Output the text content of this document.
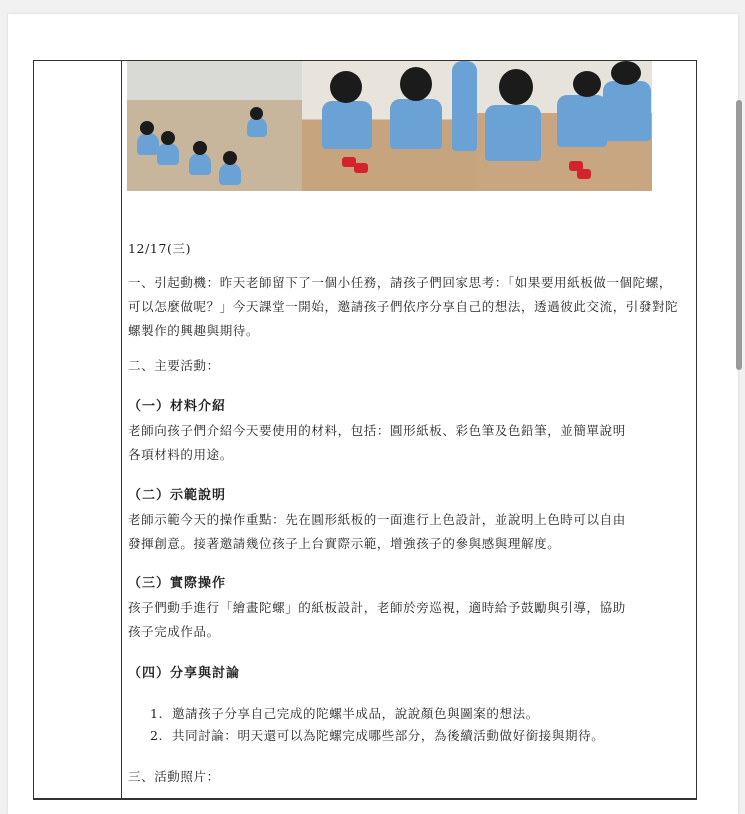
12/17(三)
一、引起動機：昨天老師留下了一個小任務，請孩子們回家思考：「如果要用紙板做一個陀螺，
可以怎麼做呢？」今天課堂一開始，邀請孩子們依序分享自己的想法，透過彼此交流，引發對陀
螺製作的興趣與期待。
二、主要活動：
（一）材料介紹
老師向孩子們介紹今天要使用的材料，包括：圓形紙板、彩色筆及色鉛筆，並簡單說明
各項材料的用途。
（二）示範說明
老師示範今天的操作重點：先在圓形紙板的一面進行上色設計，並說明上色時可以自由
發揮創意。接著邀請幾位孩子上台實際示範，增強孩子的參與感與理解度。
（三）實際操作
孩子們動手進行「繪畫陀螺」的紙板設計，老師於旁巡視，適時給予鼓勵與引導，協助
孩子完成作品。
（四）分享與討論
1. 邀請孩子分享自己完成的陀螺半成品，說說顏色與圖案的想法。
2. 共同討論：明天還可以為陀螺完成哪些部分，為後續活動做好銜接與期待。
三、活動照片：
